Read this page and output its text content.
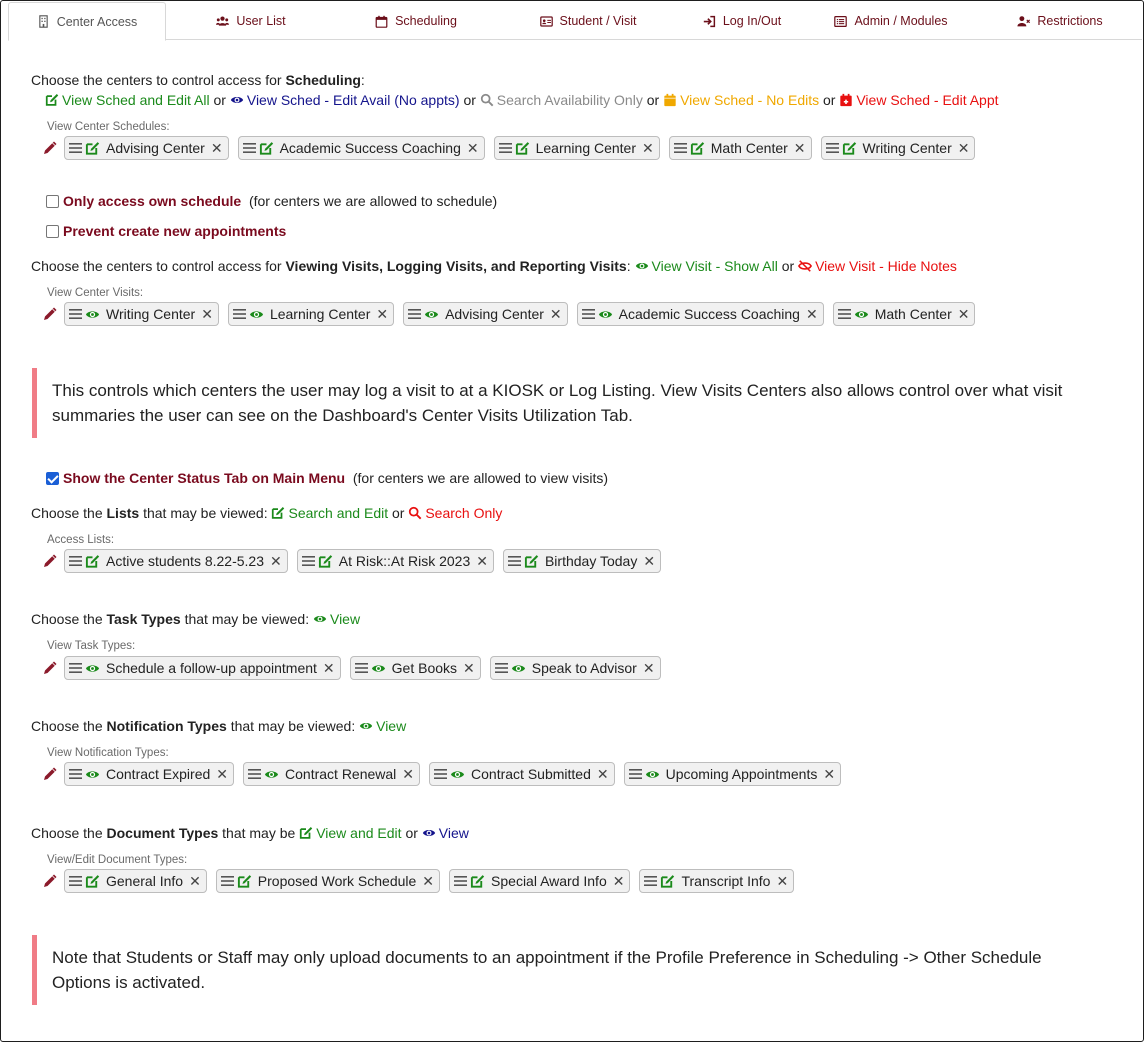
Center Access	User List	Scheduling	Student / Visit	Log In/Out	Admin / Modules	Restrictions
Choose the centers to control access for Scheduling:
View Sched and Edit All or View Sched - Edit Avail (No appts) or Search Availability Only or View Sched - No Edits or View Sched - Edit Appt
View Center Schedules:
Advising Center ✕	Academic Success Coaching ✕	Learning Center ✕	Math Center ✕	Writing Center ✕
Only access own schedule (for centers we are allowed to schedule)
Prevent create new appointments
Choose the centers to control access for Viewing Visits, Logging Visits, and Reporting Visits: View Visit - Show All or View Visit - Hide Notes
View Center Visits:
Writing Center ✕	Learning Center ✕	Advising Center ✕	Academic Success Coaching ✕	Math Center ✕
This controls which centers the user may log a visit to at a KIOSK or Log Listing. View Visits Centers also allows control over what visit summaries the user can see on the Dashboard's Center Visits Utilization Tab.
Show the Center Status Tab on Main Menu (for centers we are allowed to view visits)
Choose the Lists that may be viewed: Search and Edit or Search Only
Access Lists:
Active students 8.22-5.23 ✕	At Risk::At Risk 2023 ✕	Birthday Today ✕
Choose the Task Types that may be viewed: View
View Task Types:
Schedule a follow-up appointment ✕	Get Books ✕	Speak to Advisor ✕
Choose the Notification Types that may be viewed: View
View Notification Types:
Contract Expired ✕	Contract Renewal ✕	Contract Submitted ✕	Upcoming Appointments ✕
Choose the Document Types that may be View and Edit or View
View/Edit Document Types:
General Info ✕	Proposed Work Schedule ✕	Special Award Info ✕	Transcript Info ✕
Note that Students or Staff may only upload documents to an appointment if the Profile Preference in Scheduling -> Other Schedule Options is activated.
